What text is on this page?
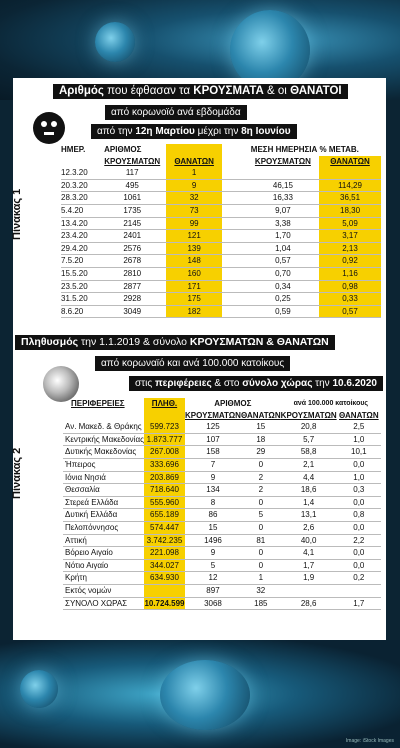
Image: iStock Images
Πίνακας 1
Αριθμός που έφθασαν τα ΚΡΟΥΣΜΑΤΑ & οι ΘΑΝΑΤΟΙ
από κορωνοϊό ανά εβδομάδα
από την 12η Μαρτίου μέχρι την 8η Ιουνίου
ΗΜΕΡ.	ΑΡΙΘΜΟΣ			ΜΕΣΗ ΗΜΕΡΗΣΙΑ % ΜΕΤΑΒ.	
	ΚΡΟΥΣΜΑΤΩΝ	ΘΑΝΑΤΩΝ		ΚΡΟΥΣΜΑΤΩΝ	ΘΑΝΑΤΩΝ
12.3.20	117	1			
20.3.20	495	9		46,15	114,29
28.3.20	1061	32		16,33	36,51
5.4.20	1735	73		9,07	18,30
13.4.20	2145	99		3,38	5,09
23.4.20	2401	121		1,70	3,17
29.4.20	2576	139		1,04	2,13
7.5.20	2678	148		0,57	0,92
15.5.20	2810	160		0,70	1,16
23.5.20	2877	171		0,34	0,98
31.5.20	2928	175		0,25	0,33
8.6.20	3049	182		0,59	0,57
Πίνακας 2
Πληθυσμός την 1.1.2019 & σύνολο ΚΡΟΥΣΜΑΤΩΝ & ΘΑΝΑΤΩΝ
από κορωναϊό και ανά 100.000 κατοίκους
στις περιφέρειες & στο σύνολο χώρας την 10.6.2020
ΠΕΡΙΦΕΡΕΙΕΣ	ΠΛΗΘ.	ΑΡΙΘΜΟΣ		ανά 100.000 κατοίκους	
		ΚΡΟΥΣΜΑΤΩΝ	ΘΑΝΑΤΩΝ	ΚΡΟΥΣΜΑΤΩΝ	ΘΑΝΑΤΩΝ
Αν. Μακεδ. & Θράκης	599.723	125	15	20,8	2,5
Κεντρικής Μακεδονίας	1.873.777	107	18	5,7	1,0
Δυτικής Μακεδονίας	267.008	158	29	58,8	10,1
Ήπειρος	333.696	7	0	2,1	0,0
Ιόνια Νησιά	203.869	9	2	4,4	1,0
Θεσσαλία	718.640	134	2	18,6	0,3
Στερεά Ελλάδα	555.960	8	0	1,4	0,0
Δυτική Ελλάδα	655.189	86	5	13,1	0,8
Πελοπόννησος	574.447	15	0	2,6	0,0
Αττική	3.742.235	1496	81	40,0	2,2
Βόρειο Αιγαίο	221.098	9	0	4,1	0,0
Νότιο Αιγαίο	344.027	5	0	1,7	0,0
Κρήτη	634.930	12	1	1,9	0,2
Εκτός νομών		897	32		
ΣΥΝΟΛΟ ΧΩΡΑΣ	10.724.599	3068	185	28,6	1,7
